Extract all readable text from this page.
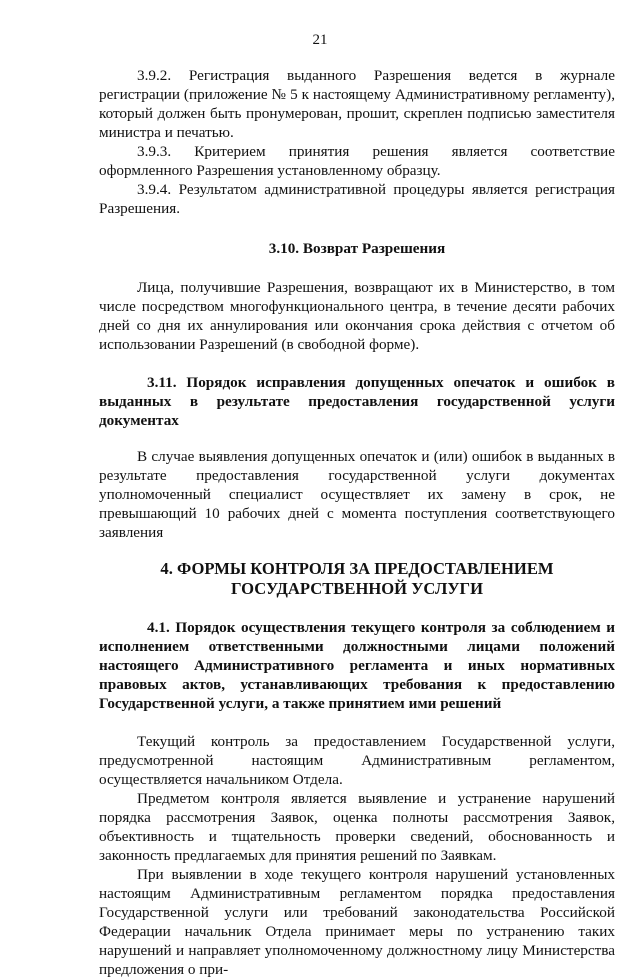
21

3.9.2. Регистрация выданного Разрешения ведется в журнале регистрации (приложение № 5 к настоящему Административному регламенту), который должен быть пронумерован, прошит, скреплен подписью заместителя министра и печатью.

3.9.3. Критерием принятия решения является соответствие оформленного Разрешения установленному образцу.

3.9.4. Результатом административной процедуры является регистрация Разрешения.

3.10. Возврат Разрешения

Лица, получившие Разрешения, возвращают их в Министерство, в том числе посредством многофункционального центра, в течение десяти рабочих дней со дня их аннулирования или окончания срока действия с отчетом об использовании Разрешений (в свободной форме).

3.11. Порядок исправления допущенных опечаток и ошибок в выданных в результате предоставления государственной услуги документах

В случае выявления допущенных опечаток и (или) ошибок в выданных в результате предоставления государственной услуги документах уполномоченный специалист осуществляет их замену в срок, не превышающий 10 рабочих дней с момента поступления соответствующего заявления

4. ФОРМЫ КОНТРОЛЯ ЗА ПРЕДОСТАВЛЕНИЕМ
ГОСУДАРСТВЕННОЙ УСЛУГИ
4.1. Порядок осуществления текущего контроля за соблюдением и исполнением ответственными должностными лицами положений настоящего Административного регламента и иных нормативных правовых актов, устанавливающих требования к предоставлению Государственной услуги, а также принятием ими решений

Текущий контроль за предоставлением Государственной услуги, предусмотренной настоящим Административным регламентом, осуществляется начальником Отдела.

Предметом контроля является выявление и устранение нарушений порядка рассмотрения Заявок, оценка полноты рассмотрения Заявок, объективность и тщательность проверки сведений, обоснованность и законность предлагаемых для принятия решений по Заявкам.

При выявлении в ходе текущего контроля нарушений установленных настоящим Административным регламентом порядка предоставления Государственной услуги или требований законодательства Российской Федерации начальник Отдела принимает меры по устранению таких нарушений и направляет уполномоченному должностному лицу Министерства предложения о при-
